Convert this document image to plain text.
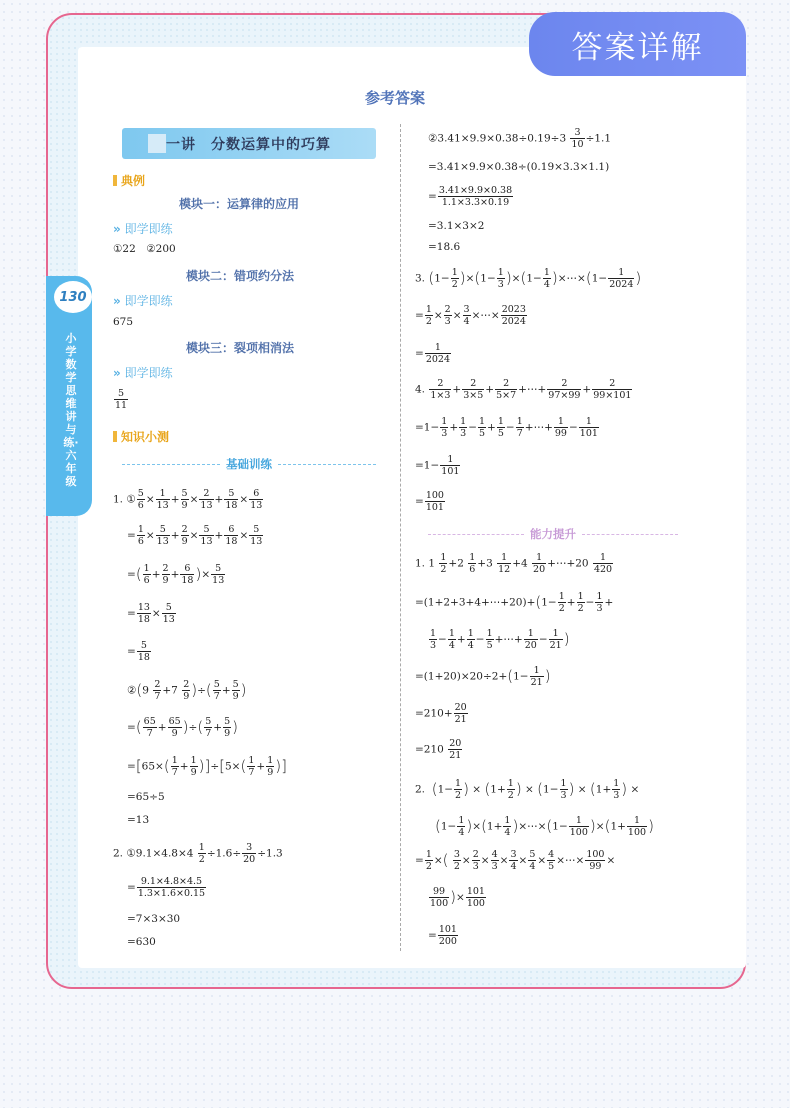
答案详解
130
小学数学思维讲与练·六年级
参考答案
一讲　分数运算中的巧算
典例
模块一：运算律的应用
» 即学即练
①22　②200
模块二：错项约分法
» 即学即练
675
模块三：裂项相消法
» 即学即练
$\frac{5}{11}$
知识小测
基础训练
1. ① $\frac{5}{6} \times \frac{1}{13} + \frac{5}{9} \times \frac{2}{13} + \frac{5}{18} \times \frac{6}{13}$
= $\frac{1}{6} \times \frac{5}{13} + \frac{2}{9} \times \frac{5}{13} + \frac{6}{18} \times \frac{5}{13}$
=( $\frac{1}{6} + \frac{2}{9} + \frac{6}{18}$ )× $\frac{5}{13}$
= $\frac{13}{18} \times \frac{5}{13}$
= $\frac{5}{18}$
②(9 $\frac{2}{7} +7 \frac{2}{9}$ )÷( $\frac{5}{7} + \frac{5}{9}$ )
=( $\frac{65}{7} + \frac{65}{9}$ )÷( $\frac{5}{7} + \frac{5}{9}$ )
$=[65\times( \frac{1}{7} + \frac{1}{9} )]\div[5\times( \frac{1}{7} + \frac{1}{9}$ )]
=65÷5
=13
2. ①9.1×4.8×4 $\frac{1}{2} \div 1.6\div \frac{3}{20} \div 1.3$
= $\frac{9.1\times 4.8\times 4.5}{1.3\times 1.6\times 0.15}$
=7×3×30
=630
②3.41×9.9×0.38÷0.19÷3 $\frac{3}{10} \div 1.1$
=3.41×9.9×0.38÷(0.19×3.3×1.1)
= $\frac{3.41\times 9.9\times 0.38}{1.1\times 3.3\times 0.19}$
=3.1×3×2
=18.6
3. $(1- \frac{1}{2} )\times(1- \frac{1}{3} )\times(1- \frac{1}{4}$ )×⋯×(1− $\frac{1}{2024}$ )
= $\frac{1}{2} \times \frac{2}{3} \times \frac{3}{4}$ ×⋯× $\frac{2023}{2024}$
= $\frac{1}{2024}$
4. $\frac{2}{1\times 3} + \frac{2}{3\times 5} + \frac{2}{5\times 7}$ +⋯+ $\frac{2}{97\times 99} + \frac{2}{99\times 101}$
$=1- \frac{1}{3} + \frac{1}{3} - \frac{1}{5} + \frac{1}{5} - \frac{1}{7}$ +⋯+ $\frac{1}{99} - \frac{1}{101}$
$=1- \frac{1}{101}$
= $\frac{100}{101}$
能力提升
1. $1 \frac{1}{2} +2 \frac{1}{6} +3 \frac{1}{12} +4 \frac{1}{20}$ +⋯+20 $\frac{1}{420}$
=(1+2+3+4+⋯+20)+(1− $\frac{1}{2} + \frac{1}{2} - \frac{1}{3}$ +
$\frac{1}{3} - \frac{1}{4} + \frac{1}{4} - \frac{1}{5}$ +⋯+ $\frac{1}{20} - \frac{1}{21}$ )
$=(1+20)\times 20\div 2+(1- \frac{1}{21}$ )
$=210+ \frac{20}{21}$
$=210 \frac{20}{21}$
2.  ($1- \frac{1}{2}$ ) × ($1+ \frac{1}{2}$ ) × ($1- \frac{1}{3}$ ) × ($1+ \frac{1}{3}$ ) ×
$(1- \frac{1}{4} )\times(1+ \frac{1}{4}$ )×⋯×(1− $\frac{1}{100} )\times(1+ \frac{1}{100}$ )
= $\frac{1}{2}$ ×( $\frac{3}{2} \times \frac{2}{3} \times \frac{4}{3} \times \frac{3}{4} \times \frac{5}{4} \times \frac{4}{5}$ ×⋯× $\frac{100}{99}$ ×
$\frac{99}{100}$ )× $\frac{101}{100}$
= $\frac{101}{200}$
